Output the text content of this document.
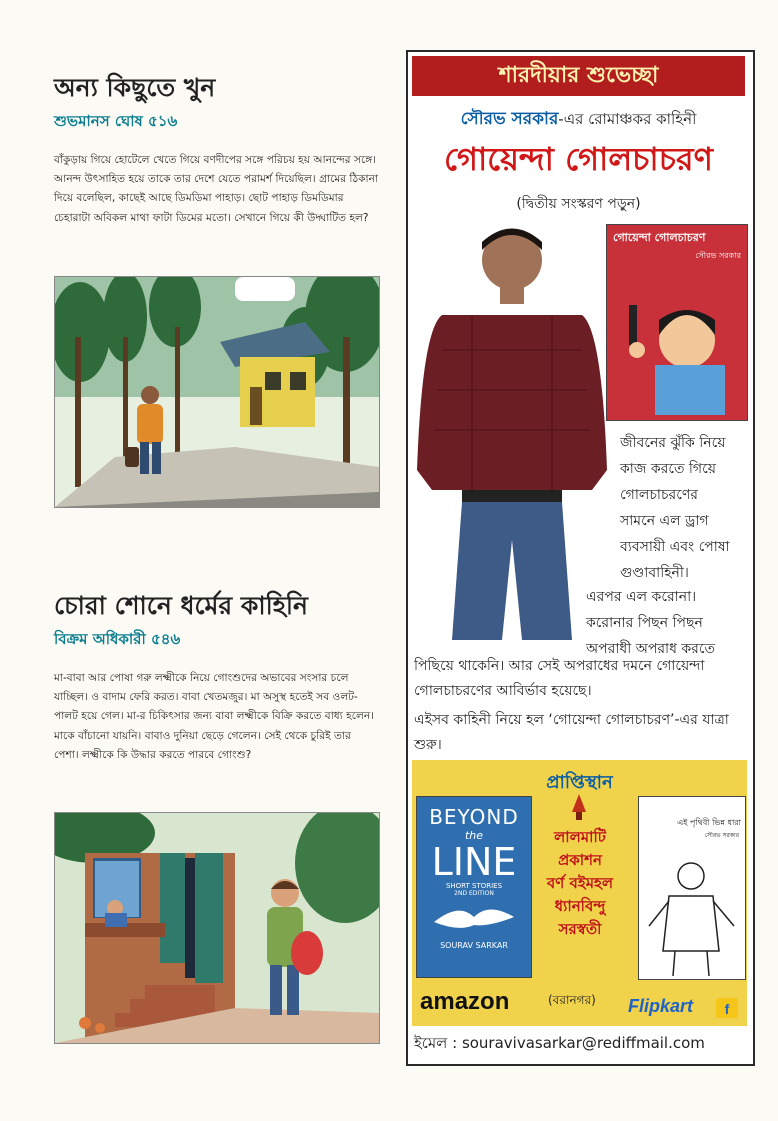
অন্য কিছুতে খুন
শুভমানস ঘোষ ৫১৬
বাঁকুড়ায় গিয়ে হোটেলে খেতে গিয়ে বণদীপের সঙ্গে পরিচয় হয় আনন্দের সঙ্গে। আনন্দ উৎসাহিত হয়ে তাকে তার দেশে যেতে পরামর্শ দিয়েছিল। গ্রামের ঠিকানা দিয়ে বলেছিল, কাছেই আছে ডিমডিমা পাহাড়। ছোট পাহাড় ডিমডিমার চেহারাটা অবিকল মাথা ফাটা ডিমের মতো। সেখানে গিয়ে কী উদ্ঘাটিত হল?
চোরা শোনে ধর্মের কাহিনি
বিক্রম অধিকারী ৫৪৬
মা-বাবা আর পোষা গরু লক্ষ্মীকে নিয়ে গোংশুদের অভাবের সংসার চলে যাচ্ছিল। ও বাদাম ফেরি করত। বাবা খেতমজুর। মা অসুস্থ হতেই সব ওলট-পালট হয়ে গেল। মা-র চিকিৎসার জন্য বাবা লক্ষ্মীকে বিক্রি করতে বাধ্য হলেন। মাকে বাঁচানো যায়নি। বাবাও দুনিয়া ছেড়ে গেলেন। সেই থেকে চুরিই তার পেশা। লক্ষ্মীকে কি উদ্ধার করতে পারবে গোংশু?
শারদীয়ার শুভেচ্ছা
সৌরভ সরকার-এর রোমাঞ্চকর কাহিনী
গোয়েন্দা গোলচাচরণ
(দ্বিতীয় সংস্করণ পড়ুন)
গোয়েন্দা গোলচাচরণ
সৌরভ সরকার
জীবনের ঝুঁকি নিয়ে
কাজ করতে গিয়ে
গোলচাচরণের
সামনে এল ড্রাগ
ব্যবসায়ী এবং পোষা
গুণ্ডাবাহিনী।
এরপর এল করোনা।
করোনার পিছন পিছন
অপরাধী অপরাধ করতে
পিছিয়ে থাকেনি। আর সেই অপরাধের দমনে গোয়েন্দা গোলচাচরণের আবির্ভাব হয়েছে।
এইসব কাহিনী নিয়ে হল ‘গোয়েন্দা গোলচাচরণ’-এর যাত্রা শুরু।
প্রাপ্তিস্থান
BEYOND
the
LINE
SHORT STORIES
2ND EDITION
SOURAV SARKAR
লালমাটি
প্রকাশন
বর্ণ বইমহল
ধ্যানবিন্দু
সরস্বতী
(বরানগর)
এই পৃথিবী ভিন্ন ধারা
সৌরভ সরকার
amazon	Flipkart f
ইমেল : souravivasarkar@rediffmail.com
